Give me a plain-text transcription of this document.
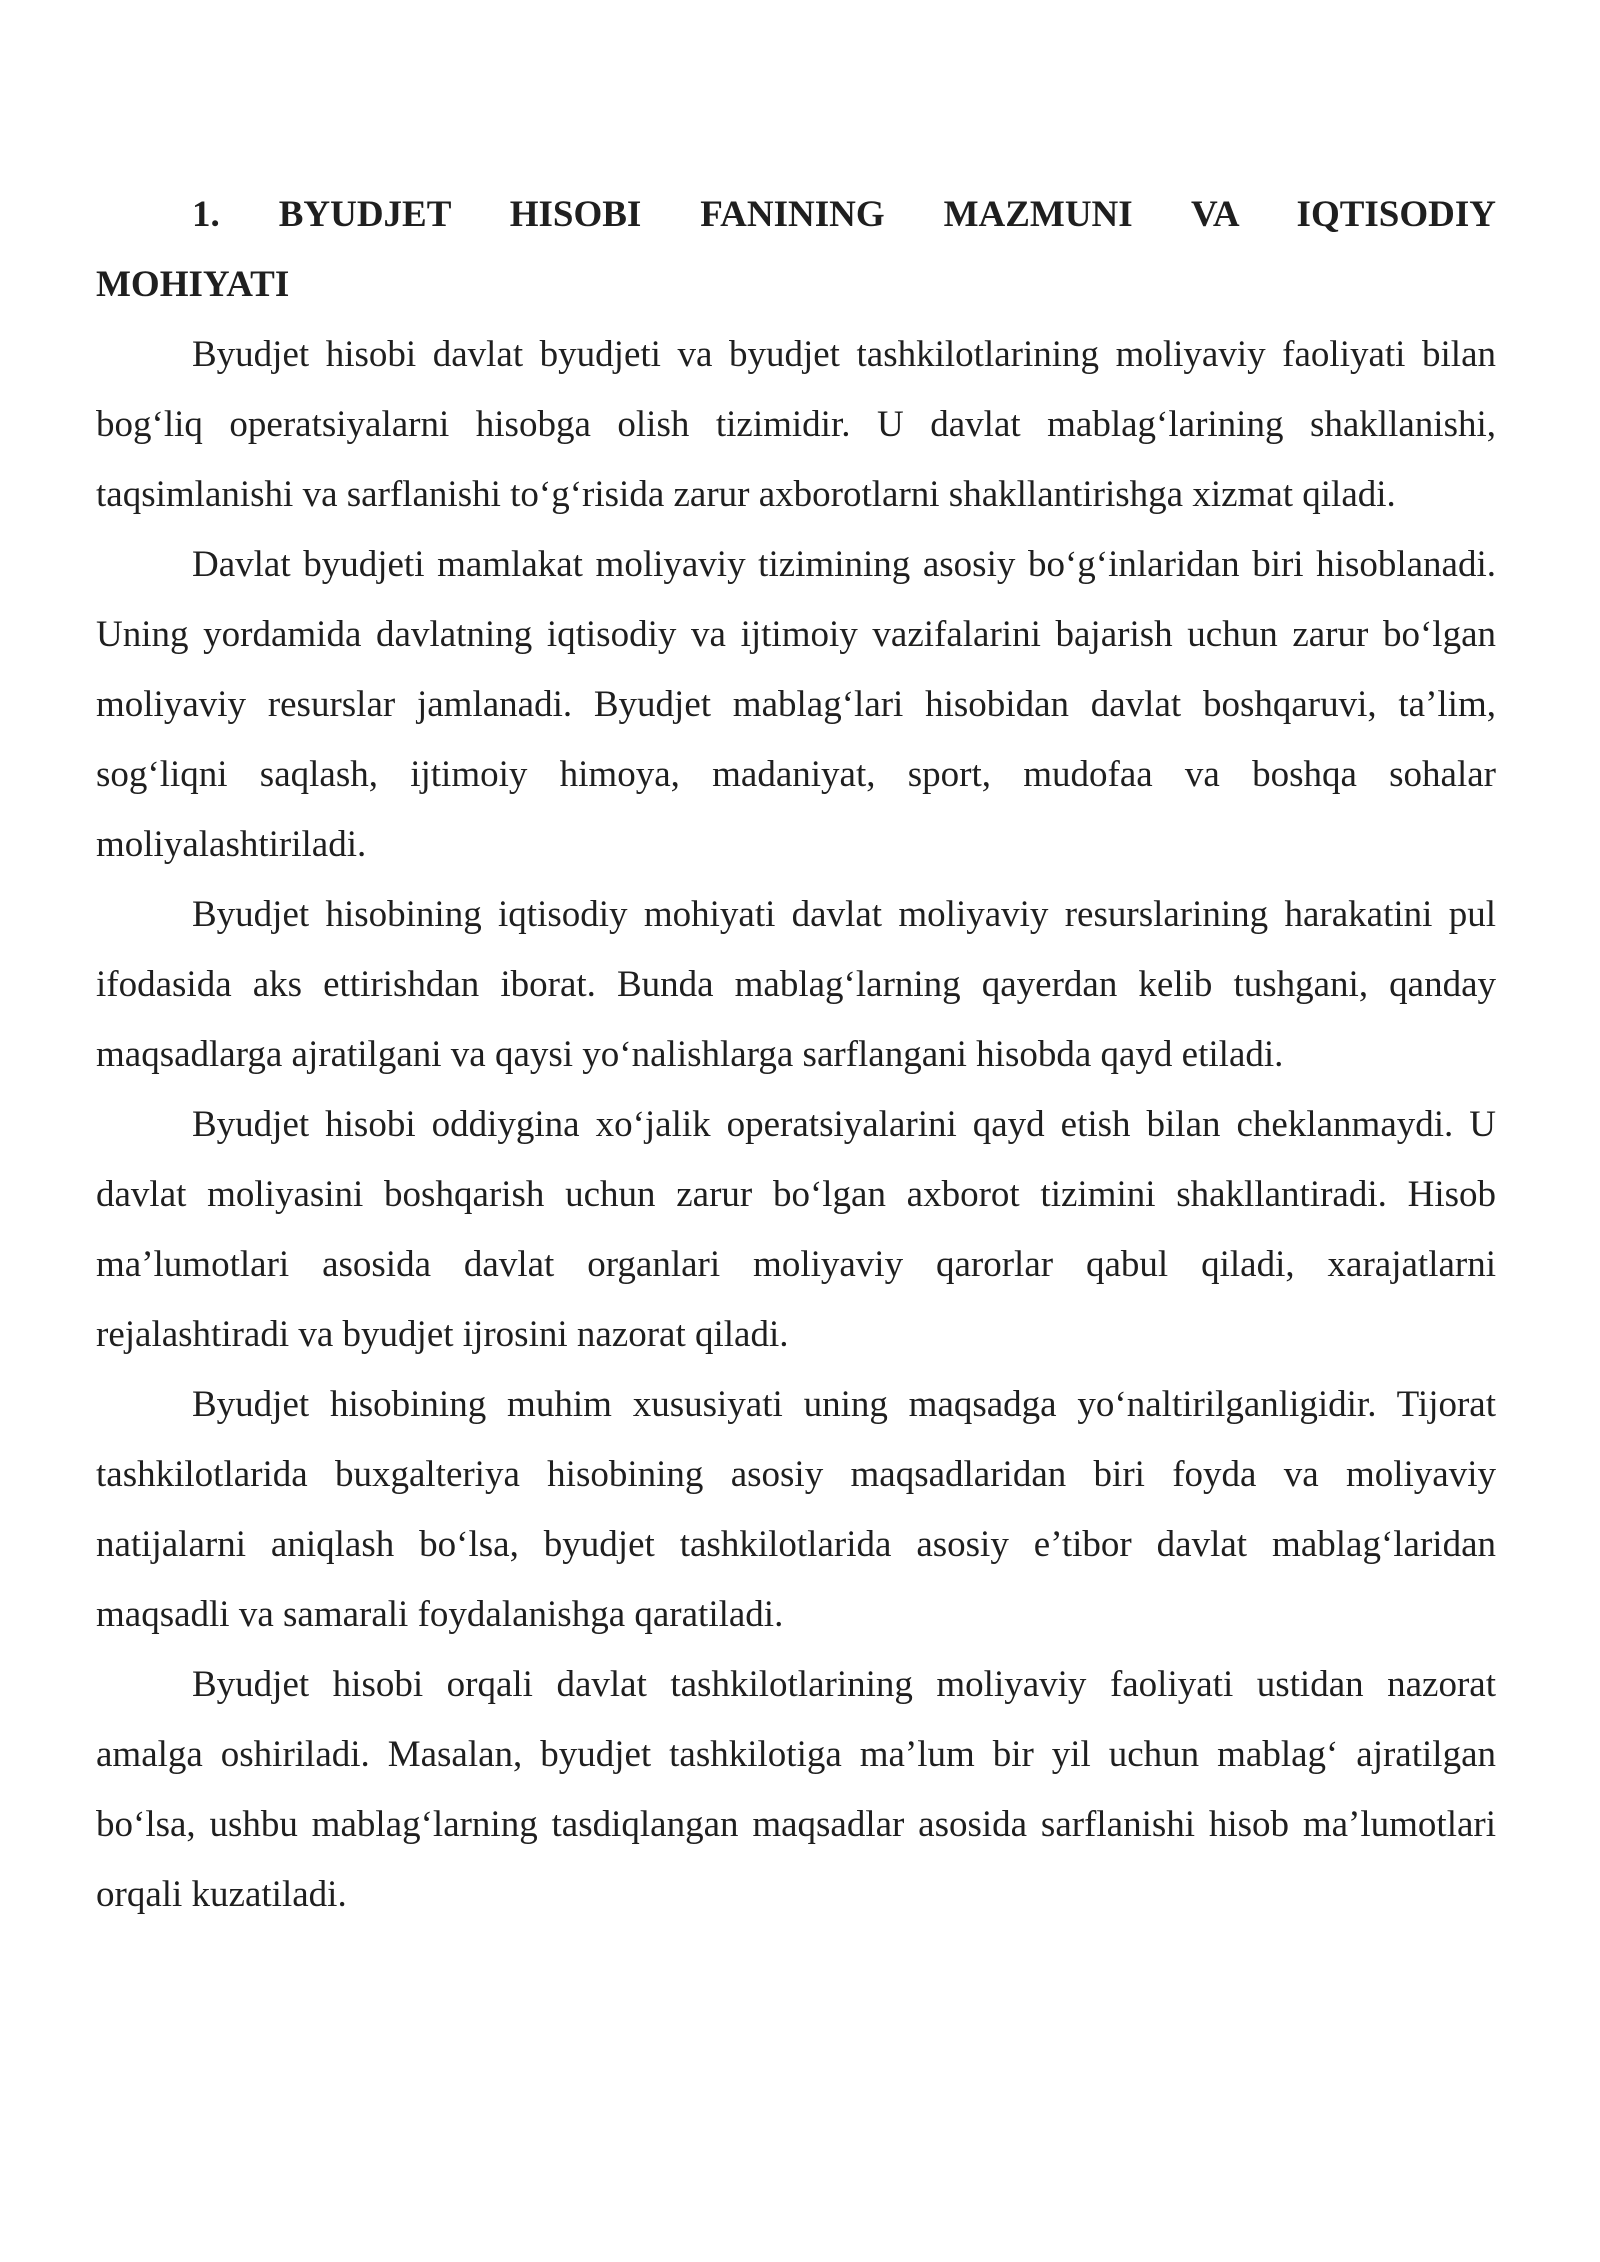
1. BYUDJET HISOBI FANINING MAZMUNI VA IQTISODIY MOHIYATI

Byudjet hisobi davlat byudjeti va byudjet tashkilotlarining moliyaviy faoliyati bilan bog‘liq operatsiyalarni hisobga olish tizimidir. U davlat mablag‘larining shakllanishi, taqsimlanishi va sarflanishi to‘g‘risida zarur axborotlarni shakllantirishga xizmat qiladi.

Davlat byudjeti mamlakat moliyaviy tizimining asosiy bo‘g‘inlaridan biri hisoblanadi. Uning yordamida davlatning iqtisodiy va ijtimoiy vazifalarini bajarish uchun zarur bo‘lgan moliyaviy resurslar jamlanadi. Byudjet mablag‘lari hisobidan davlat boshqaruvi, ta’lim, sog‘liqni saqlash, ijtimoiy himoya, madaniyat, sport, mudofaa va boshqa sohalar moliyalashtiriladi.

Byudjet hisobining iqtisodiy mohiyati davlat moliyaviy resurslarining harakatini pul ifodasida aks ettirishdan iborat. Bunda mablag‘larning qayerdan kelib tushgani, qanday maqsadlarga ajratilgani va qaysi yo‘nalishlarga sarflangani hisobda qayd etiladi.

Byudjet hisobi oddiygina xo‘jalik operatsiyalarini qayd etish bilan cheklanmaydi. U davlat moliyasini boshqarish uchun zarur bo‘lgan axborot tizimini shakllantiradi. Hisob ma’lumotlari asosida davlat organlari moliyaviy qarorlar qabul qiladi, xarajatlarni rejalashtiradi va byudjet ijrosini nazorat qiladi.

Byudjet hisobining muhim xususiyati uning maqsadga yo‘naltirilganligidir. Tijorat tashkilotlarida buxgalteriya hisobining asosiy maqsadlaridan biri foyda va moliyaviy natijalarni aniqlash bo‘lsa, byudjet tashkilotlarida asosiy e’tibor davlat mablag‘laridan maqsadli va samarali foydalanishga qaratiladi.

Byudjet hisobi orqali davlat tashkilotlarining moliyaviy faoliyati ustidan nazorat amalga oshiriladi. Masalan, byudjet tashkilotiga ma’lum bir yil uchun mablag‘ ajratilgan bo‘lsa, ushbu mablag‘larning tasdiqlangan maqsadlar asosida sarflanishi hisob ma’lumotlari orqali kuzatiladi.
